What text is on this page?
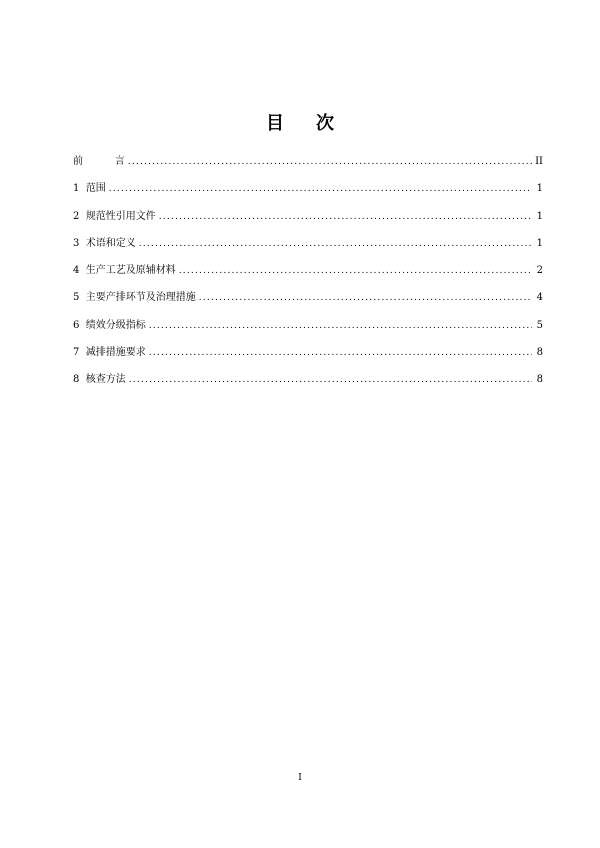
目次
前          言 .....	II
1  范围 .....	1
2  规范性引用文件 .....	1
3  术语和定义 .....	1
4  生产工艺及原辅材料 .....	2
5  主要产排环节及治理措施 .....	4
6  绩效分级指标 .....	5
7  减排措施要求 .....	8
8  核查方法 .....	8
I
